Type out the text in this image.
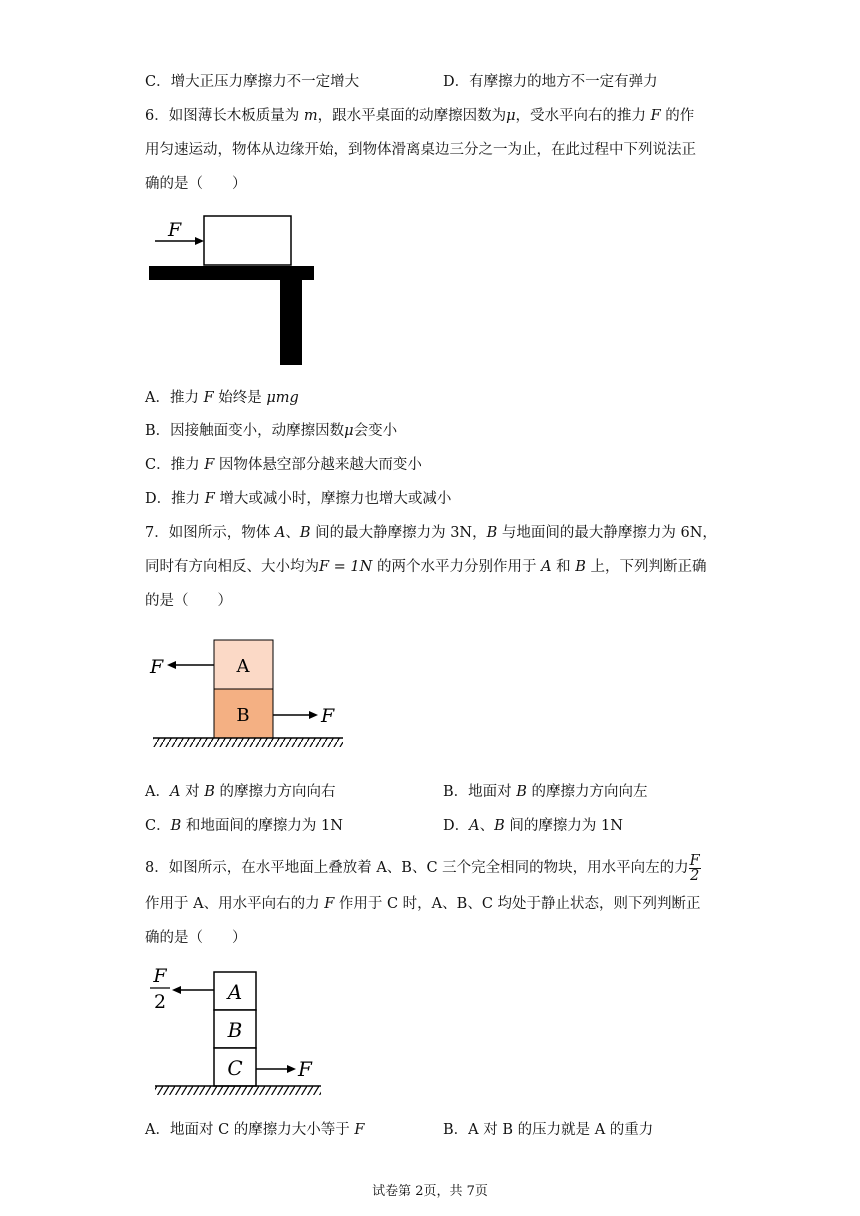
C．增大正压力摩擦力不一定增大	D．有摩擦力的地方不一定有弹力
6．如图薄长木板质量为 m，跟水平桌面的动摩擦因数为μ，受水平向右的推力 F 的作
用匀速运动，物体从边缘开始，到物体滑离桌边三分之一为止，在此过程中下列说法正
确的是（　　）
F
A．推力 F 始终是 μmg
B．因接触面变小，动摩擦因数μ会变小
C．推力 F 因物体悬空部分越来越大而变小
D．推力 F 增大或减小时，摩擦力也增大或减小
7．如图所示，物体 A、B 间的最大静摩擦力为 3N，B 与地面间的最大静摩擦力为 6N，
同时有方向相反、大小均为F = 1N 的两个水平力分别作用于 A 和 B 上，下列判断正确
的是（　　）
A
B
F
F
A．A 对 B 的摩擦力方向向右	B．地面对 B 的摩擦力方向向左
C．B 和地面间的摩擦力为 1N	D．A、B 间的摩擦力为 1N
8．如图所示，在水平地面上叠放着 A、B、C 三个完全相同的物块，用水平向左的力 $\frac{F}{2}$
作用于 A、用水平向右的力 F 作用于 C 时，A、B、C 均处于静止状态，则下列判断正
确的是（　　）
A
B
C
F
2
F
A．地面对 C 的摩擦力大小等于 F	B．A 对 B 的压力就是 A 的重力
试卷第 2页，共 7页
